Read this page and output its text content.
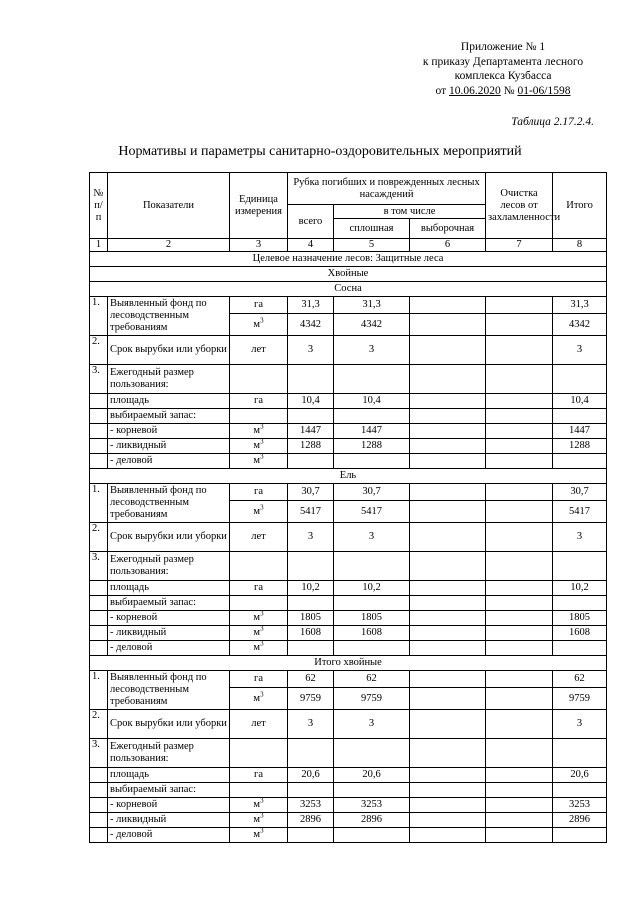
Приложение № 1
к приказу Департамента лесного
комплекса Кузбасса
от 10.06.2020 № 01-06/1598
Таблица 2.17.2.4.
Нормативы и параметры санитарно-оздоровительных мероприятий
№ п/п	Показатели	Единица измерения	Рубка погибших и поврежденных лесных насаждений			Очистка лесов от захламленности	Итого
			всего	в том числе			
				сплошная	выборочная		
1	2	3	4	5	6	7	8
Целевое назначение лесов: Защитные леса							
Хвойные							
Сосна							
1.	Выявленный фонд по лесоводственным требованиям	га	31,3	31,3			31,3
		$м^3$	4342	4342			4342
2.	Срок вырубки или уборки	лет	3	3			3
3.	Ежегодный размер пользования:						
	площадь	га	10,4	10,4			10,4
	выбираемый запас:						
	- корневой	$м^3$	1447	1447			1447
	- ликвидный	$м^3$	1288	1288			1288
	- деловой	$м^3$					
Ель							
1.	Выявленный фонд по лесоводственным требованиям	га	30,7	30,7			30,7
		$м^3$	5417	5417			5417
2.	Срок вырубки или уборки	лет	3	3			3
3.	Ежегодный размер пользования:						
	площадь	га	10,2	10,2			10,2
	выбираемый запас:						
	- корневой	$м^3$	1805	1805			1805
	- ликвидный	$м^3$	1608	1608			1608
	- деловой	$м^3$					
Итого хвойные							
1.	Выявленный фонд по лесоводственным требованиям	га	62	62			62
		$м^3$	9759	9759			9759
2.	Срок вырубки или уборки	лет	3	3			3
3.	Ежегодный размер пользования:						
	площадь	га	20,6	20,6			20,6
	выбираемый запас:						
	- корневой	$м^3$	3253	3253			3253
	- ликвидный	$м^3$	2896	2896			2896
	- деловой	$м^3$					
